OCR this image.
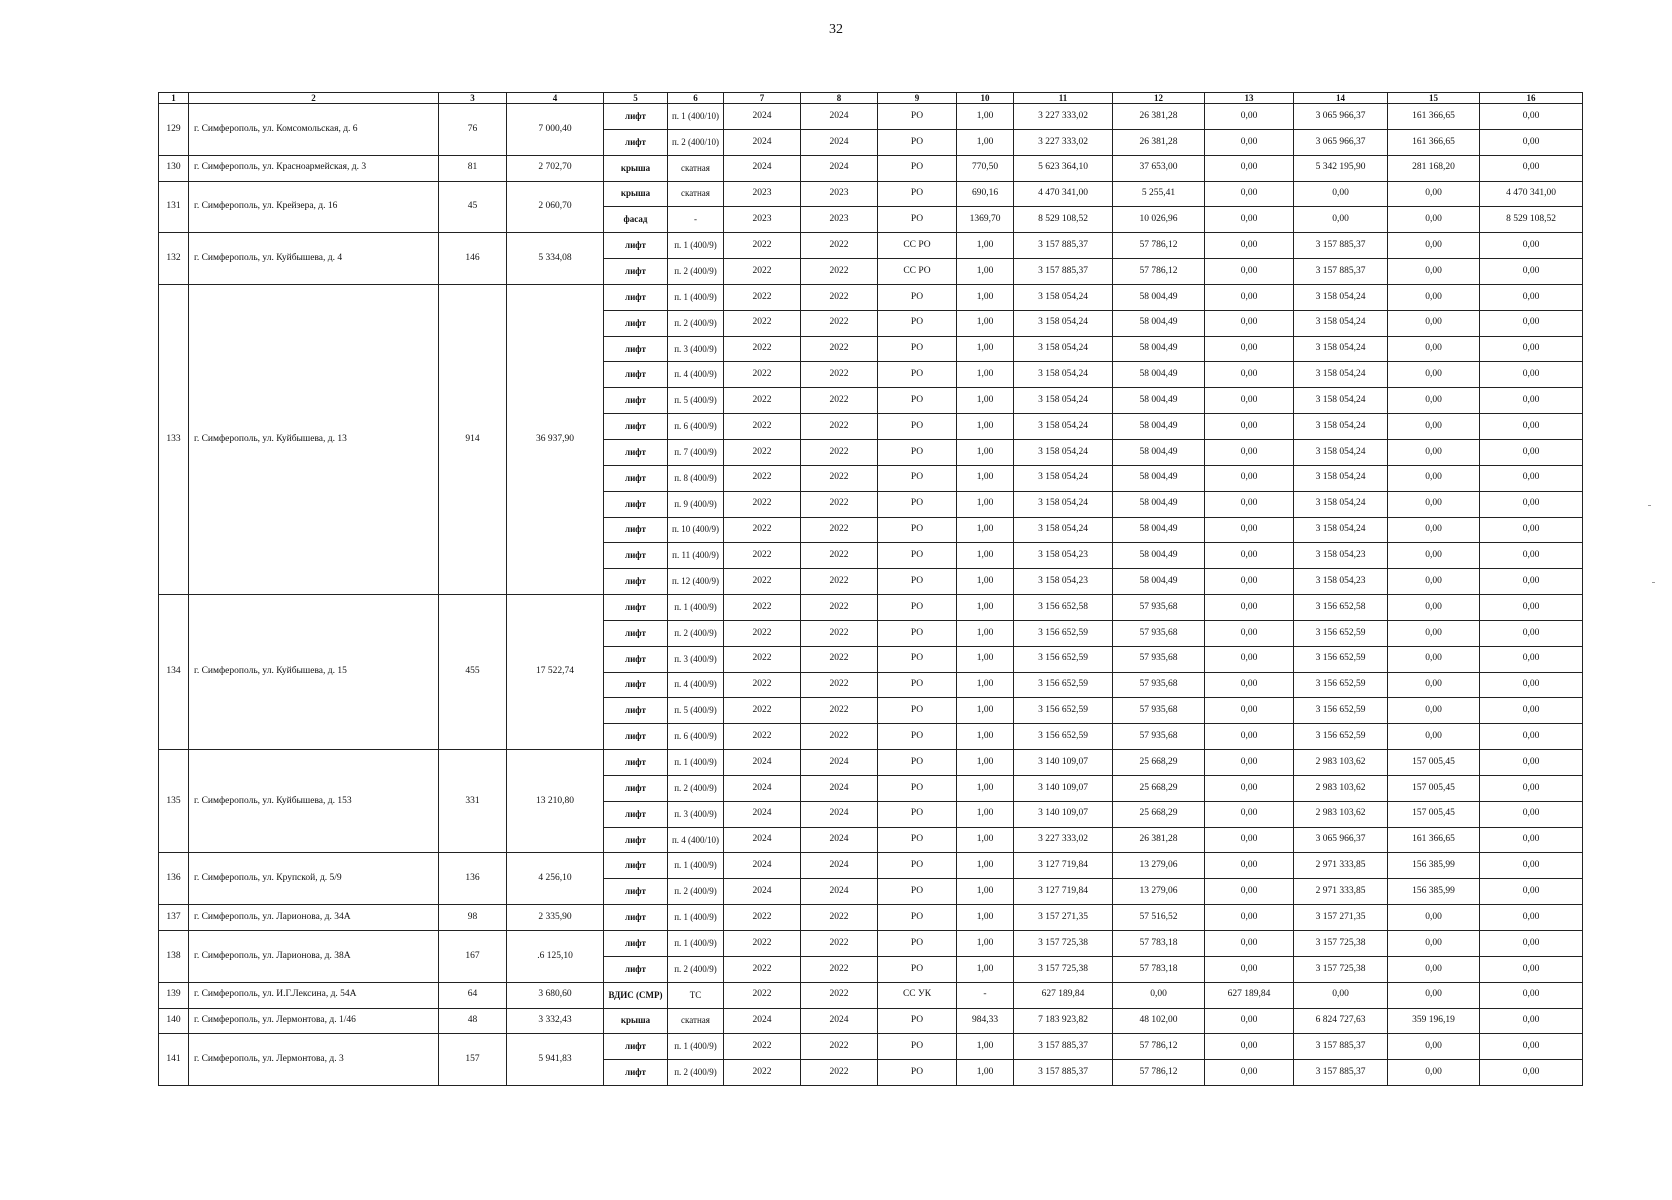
32
1	2	3	4	5	6	7	8	9	10	11	12	13	14	15	16
129	г. Симферополь, ул. Комсомольская, д. 6	76	7 000,40	лифт	п. 1 (400/10)	2024	2024	РО	1,00	3 227 333,02	26 381,28	0,00	3 065 966,37	161 366,65	0,00
				лифт	п. 2 (400/10)	2024	2024	РО	1,00	3 227 333,02	26 381,28	0,00	3 065 966,37	161 366,65	0,00
130	г. Симферополь, ул. Красноармейская, д. 3	81	2 702,70	крыша	скатная	2024	2024	РО	770,50	5 623 364,10	37 653,00	0,00	5 342 195,90	281 168,20	0,00
131	г. Симферополь, ул. Крейзера, д. 16	45	2 060,70	крыша	скатная	2023	2023	РО	690,16	4 470 341,00	5 255,41	0,00	0,00	0,00	4 470 341,00
				фасад	-	2023	2023	РО	1369,70	8 529 108,52	10 026,96	0,00	0,00	0,00	8 529 108,52
132	г. Симферополь, ул. Куйбышева, д. 4	146	5 334,08	лифт	п. 1 (400/9)	2022	2022	СС РО	1,00	3 157 885,37	57 786,12	0,00	3 157 885,37	0,00	0,00
				лифт	п. 2 (400/9)	2022	2022	СС РО	1,00	3 157 885,37	57 786,12	0,00	3 157 885,37	0,00	0,00
133	г. Симферополь, ул. Куйбышева, д. 13	914	36 937,90	лифт	п. 1 (400/9)	2022	2022	РО	1,00	3 158 054,24	58 004,49	0,00	3 158 054,24	0,00	0,00
				лифт	п. 2 (400/9)	2022	2022	РО	1,00	3 158 054,24	58 004,49	0,00	3 158 054,24	0,00	0,00
				лифт	п. 3 (400/9)	2022	2022	РО	1,00	3 158 054,24	58 004,49	0,00	3 158 054,24	0,00	0,00
				лифт	п. 4 (400/9)	2022	2022	РО	1,00	3 158 054,24	58 004,49	0,00	3 158 054,24	0,00	0,00
				лифт	п. 5 (400/9)	2022	2022	РО	1,00	3 158 054,24	58 004,49	0,00	3 158 054,24	0,00	0,00
				лифт	п. 6 (400/9)	2022	2022	РО	1,00	3 158 054,24	58 004,49	0,00	3 158 054,24	0,00	0,00
				лифт	п. 7 (400/9)	2022	2022	РО	1,00	3 158 054,24	58 004,49	0,00	3 158 054,24	0,00	0,00
				лифт	п. 8 (400/9)	2022	2022	РО	1,00	3 158 054,24	58 004,49	0,00	3 158 054,24	0,00	0,00
				лифт	п. 9 (400/9)	2022	2022	РО	1,00	3 158 054,24	58 004,49	0,00	3 158 054,24	0,00	0,00
				лифт	п. 10 (400/9)	2022	2022	РО	1,00	3 158 054,24	58 004,49	0,00	3 158 054,24	0,00	0,00
				лифт	п. 11 (400/9)	2022	2022	РО	1,00	3 158 054,23	58 004,49	0,00	3 158 054,23	0,00	0,00
				лифт	п. 12 (400/9)	2022	2022	РО	1,00	3 158 054,23	58 004,49	0,00	3 158 054,23	0,00	0,00
134	г. Симферополь, ул. Куйбышева, д. 15	455	17 522,74	лифт	п. 1 (400/9)	2022	2022	РО	1,00	3 156 652,58	57 935,68	0,00	3 156 652,58	0,00	0,00
				лифт	п. 2 (400/9)	2022	2022	РО	1,00	3 156 652,59	57 935,68	0,00	3 156 652,59	0,00	0,00
				лифт	п. 3 (400/9)	2022	2022	РО	1,00	3 156 652,59	57 935,68	0,00	3 156 652,59	0,00	0,00
				лифт	п. 4 (400/9)	2022	2022	РО	1,00	3 156 652,59	57 935,68	0,00	3 156 652,59	0,00	0,00
				лифт	п. 5 (400/9)	2022	2022	РО	1,00	3 156 652,59	57 935,68	0,00	3 156 652,59	0,00	0,00
				лифт	п. 6 (400/9)	2022	2022	РО	1,00	3 156 652,59	57 935,68	0,00	3 156 652,59	0,00	0,00
135	г. Симферополь, ул. Куйбышева, д. 153	331	13 210,80	лифт	п. 1 (400/9)	2024	2024	РО	1,00	3 140 109,07	25 668,29	0,00	2 983 103,62	157 005,45	0,00
				лифт	п. 2 (400/9)	2024	2024	РО	1,00	3 140 109,07	25 668,29	0,00	2 983 103,62	157 005,45	0,00
				лифт	п. 3 (400/9)	2024	2024	РО	1,00	3 140 109,07	25 668,29	0,00	2 983 103,62	157 005,45	0,00
				лифт	п. 4 (400/10)	2024	2024	РО	1,00	3 227 333,02	26 381,28	0,00	3 065 966,37	161 366,65	0,00
136	г. Симферополь, ул. Крупской, д. 5/9	136	4 256,10	лифт	п. 1 (400/9)	2024	2024	РО	1,00	3 127 719,84	13 279,06	0,00	2 971 333,85	156 385,99	0,00
				лифт	п. 2 (400/9)	2024	2024	РО	1,00	3 127 719,84	13 279,06	0,00	2 971 333,85	156 385,99	0,00
137	г. Симферополь, ул. Ларионова, д. 34А	98	2 335,90	лифт	п. 1 (400/9)	2022	2022	РО	1,00	3 157 271,35	57 516,52	0,00	3 157 271,35	0,00	0,00
138	г. Симферополь, ул. Ларионова, д. 38А	167	.6 125,10	лифт	п. 1 (400/9)	2022	2022	РО	1,00	3 157 725,38	57 783,18	0,00	3 157 725,38	0,00	0,00
				лифт	п. 2 (400/9)	2022	2022	РО	1,00	3 157 725,38	57 783,18	0,00	3 157 725,38	0,00	0,00
139	г. Симферополь, ул. И.Г.Лексина, д. 54А	64	3 680,60	ВДИС (СМР)	ТС	2022	2022	СС УК	-	627 189,84	0,00	627 189,84	0,00	0,00	0,00
140	г. Симферополь, ул. Лермонтова, д. 1/46	48	3 332,43	крыша	скатная	2024	2024	РО	984,33	7 183 923,82	48 102,00	0,00	6 824 727,63	359 196,19	0,00
141	г. Симферополь, ул. Лермонтова, д. 3	157	5 941,83	лифт	п. 1 (400/9)	2022	2022	РО	1,00	3 157 885,37	57 786,12	0,00	3 157 885,37	0,00	0,00
				лифт	п. 2 (400/9)	2022	2022	РО	1,00	3 157 885,37	57 786,12	0,00	3 157 885,37	0,00	0,00
